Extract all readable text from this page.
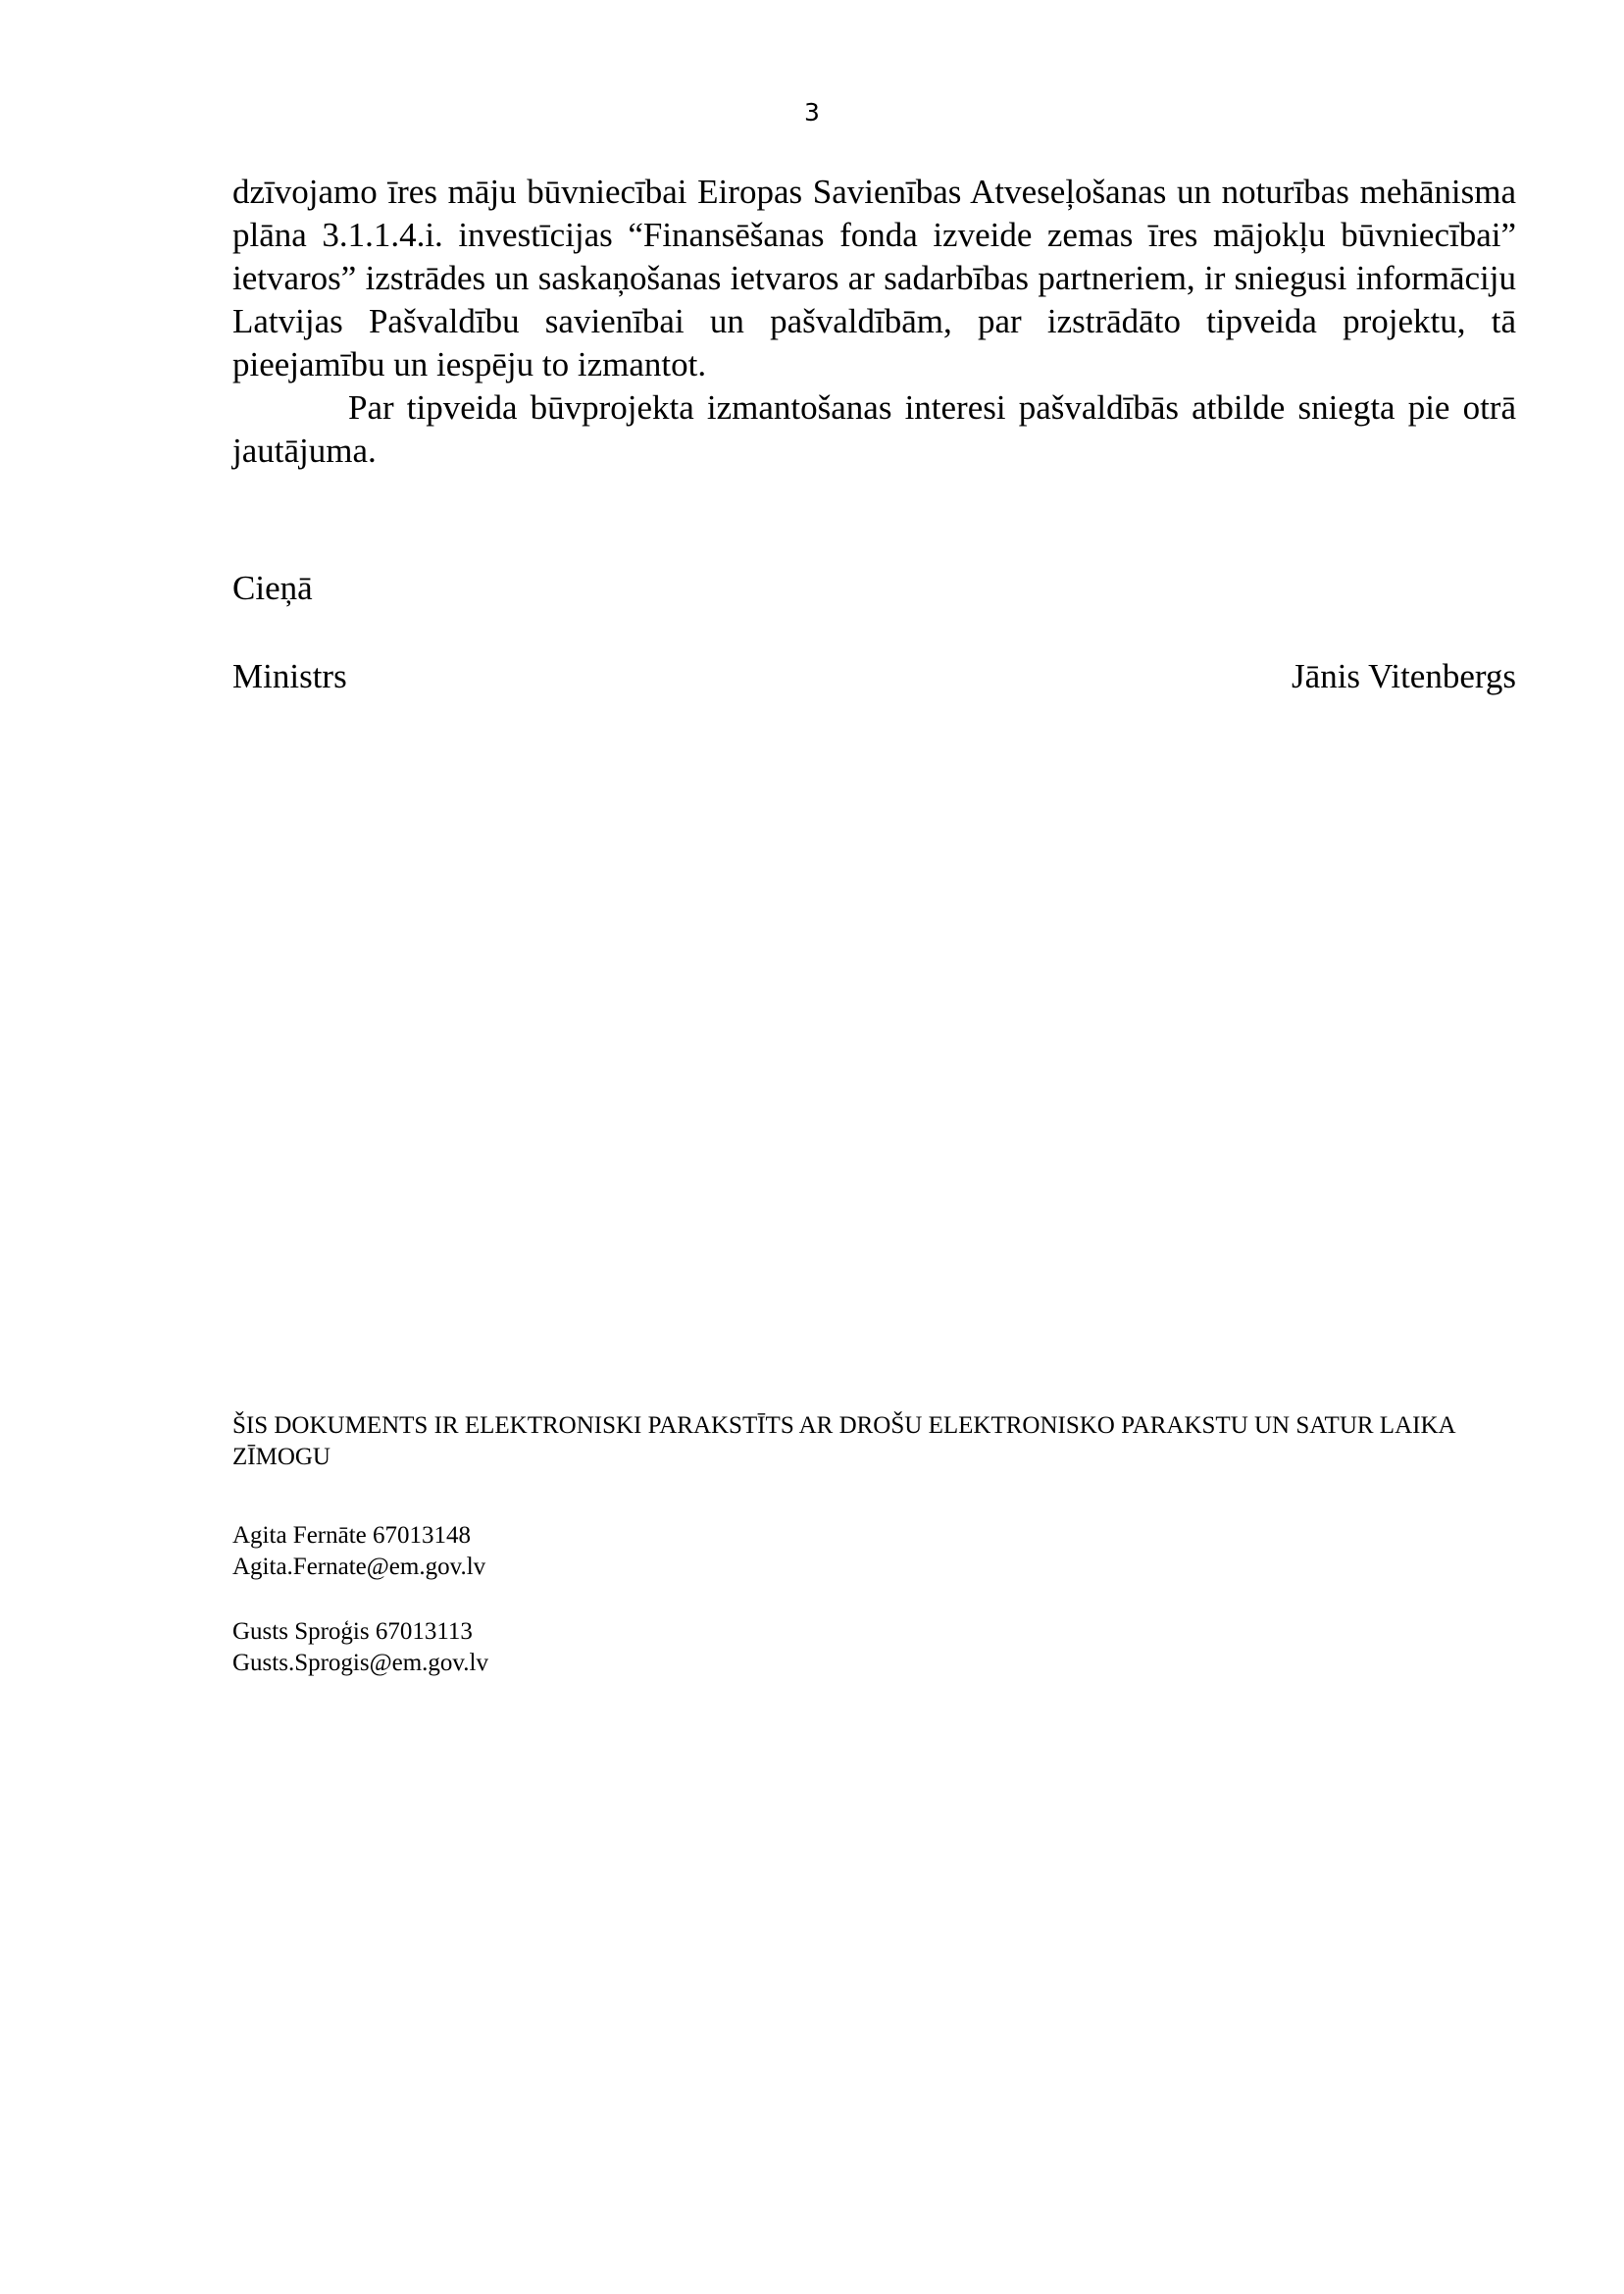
3

dzīvojamo īres māju būvniecībai Eiropas Savienības Atveseļošanas un noturības mehānisma plāna 3.1.1.4.i. investīcijas “Finansēšanas fonda izveide zemas īres mājokļu būvniecībai” ietvaros” izstrādes un saskaņošanas ietvaros ar sadarbības partneriem, ir sniegusi informāciju Latvijas Pašvaldību savienībai un pašvaldībām, par izstrādāto tipveida projektu, tā pieejamību un iespēju to izmantot.

Par tipveida būvprojekta izmantošanas interesi pašvaldībās atbilde sniegta pie otrā jautājuma.

Cieņā
Ministrs	Jānis Vitenbergs
ŠIS DOKUMENTS IR ELEKTRONISKI PARAKSTĪTS AR DROŠU ELEKTRONISKO PARAKSTU UN SATUR LAIKA ZĪMOGU
Agita Fernāte 67013148
Agita.Fernate@em.gov.lv
Gusts Sproģis 67013113
Gusts.Sprogis@em.gov.lv
